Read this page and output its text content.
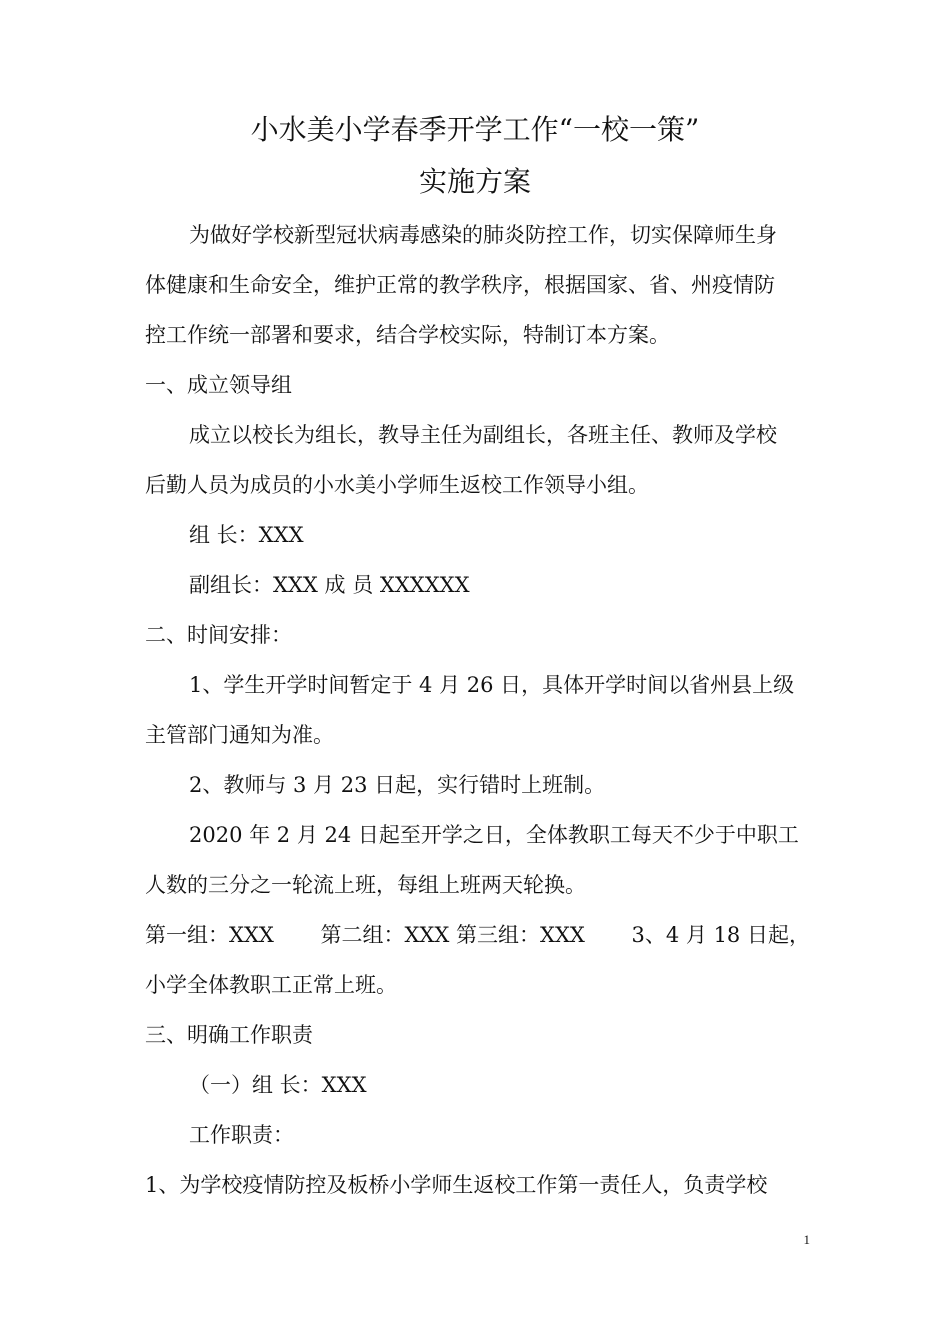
小水美小学春季开学工作“一校一策”
实施方案
为做好学校新型冠状病毒感染的肺炎防控工作，切实保障师生身
体健康和生命安全，维护正常的教学秩序，根据国家、省、州疫情防
控工作统一部署和要求，结合学校实际，特制订本方案。
一、成立领导组
成立以校长为组长，教导主任为副组长，各班主任、教师及学校
后勤人员为成员的小水美小学师生返校工作领导小组。
组 长：XXX
副组长：XXX 成 员 XXXXXX
二、时间安排：
1、学生开学时间暂定于 4 月 26 日，具体开学时间以省州县上级
主管部门通知为准。
2、教师与 3 月 23 日起，实行错时上班制。
2020 年 2 月 24 日起至开学之日，全体教职工每天不少于中职工
人数的三分之一轮流上班，每组上班两天轮换。
第一组：XXX 第二组：XXX 第三组：XXX 3、4 月 18 日起，
小学全体教职工正常上班。
三、明确工作职责
（一）组 长：XXX
工作职责：
1、为学校疫情防控及板桥小学师生返校工作第一责任人，负责学校
1
